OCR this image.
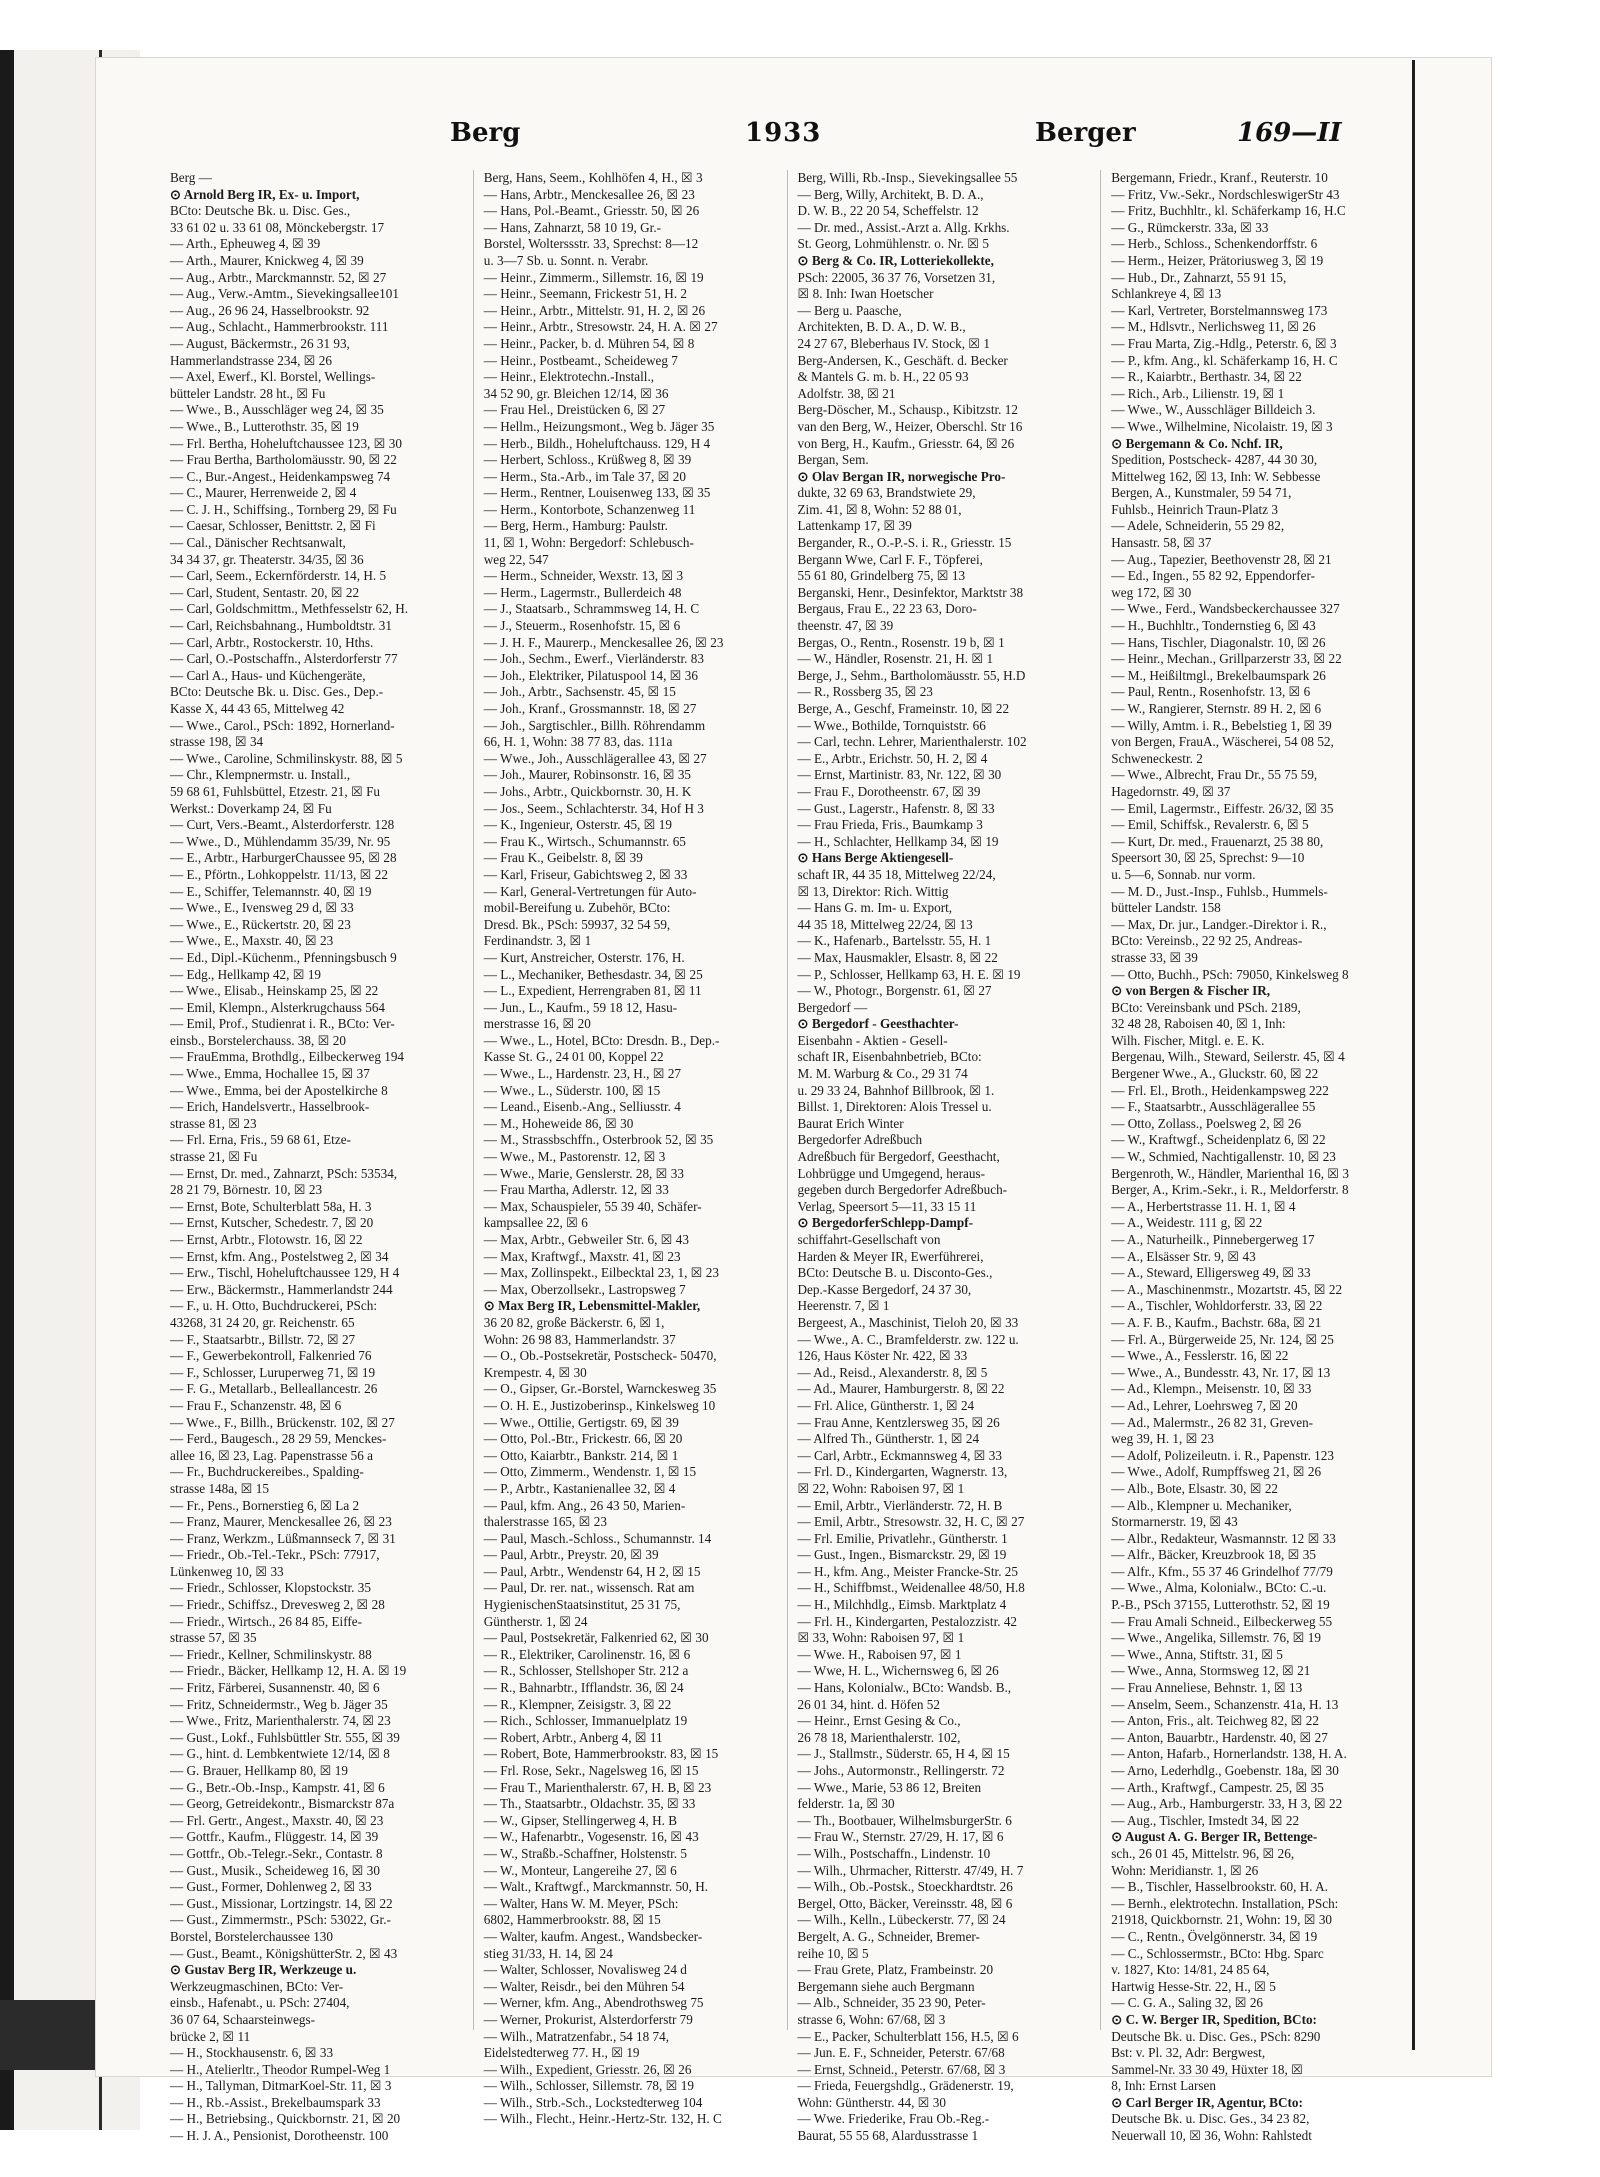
Berg	1933	Berger	169—II

Berg —

⊙ Arnold Berg IR, Ex- u. Import,

BCto: Deutsche Bk. u. Disc. Ges.,

33 61 02 u. 33 61 08, Mönckebergstr. 17

— Arth., Epheuweg 4, ☒ 39

— Arth., Maurer, Knickweg 4, ☒ 39

— Aug., Arbtr., Marckmannstr. 52, ☒ 27

— Aug., Verw.-Amtm., Sievekingsallee101

— Aug., 26 96 24, Hasselbrookstr. 92

— Aug., Schlacht., Hammerbrookstr. 111

— August, Bäckermstr., 26 31 93,

Hammerlandstrasse 234, ☒ 26

— Axel, Ewerf., Kl. Borstel, Wellings-

bütteler Landstr. 28 ht., ☒ Fu

— Wwe., B., Ausschläger weg 24, ☒ 35

— Wwe., B., Lutterothstr. 35, ☒ 19

— Frl. Bertha, Hoheluftchaussee 123, ☒ 30

— Frau Bertha, Bartholomäusstr. 90, ☒ 22

— C., Bur.-Angest., Heidenkampsweg 74

— C., Maurer, Herrenweide 2, ☒ 4

— C. J. H., Schiffsing., Tornberg 29, ☒ Fu

— Caesar, Schlosser, Benittstr. 2, ☒ Fi

— Cal., Dänischer Rechtsanwalt,

34 34 37, gr. Theaterstr. 34/35, ☒ 36

— Carl, Seem., Eckernförderstr. 14, H. 5

— Carl, Student, Sentastr. 20, ☒ 22

— Carl, Goldschmittm., Methfesselstr 62, H.

— Carl, Reichsbahnang., Humboldtstr. 31

— Carl, Arbtr., Rostockerstr. 10, Hths.

— Carl, O.-Postschaffn., Alsterdorferstr 77

— Carl A., Haus- und Küchengeräte,

BCto: Deutsche Bk. u. Disc. Ges., Dep.-

Kasse X, 44 43 65, Mittelweg 42

— Wwe., Carol., PSch: 1892, Hornerland-

strasse 198, ☒ 34

— Wwe., Caroline, Schmilinskystr. 88, ☒ 5

— Chr., Klempnermstr. u. Install.,

59 68 61, Fuhlsbüttel, Etzestr. 21, ☒ Fu

Werkst.: Doverkamp 24, ☒ Fu

— Curt, Vers.-Beamt., Alsterdorferstr. 128

— Wwe., D., Mühlendamm 35/39, Nr. 95

— E., Arbtr., HarburgerChaussee 95, ☒ 28

— E., Pförtn., Lohkoppelstr. 11/13, ☒ 22

— E., Schiffer, Telemannstr. 40, ☒ 19

— Wwe., E., Ivensweg 29 d, ☒ 33

— Wwe., E., Rückertstr. 20, ☒ 23

— Wwe., E., Maxstr. 40, ☒ 23

— Ed., Dipl.-Küchenm., Pfenningsbusch 9

— Edg., Hellkamp 42, ☒ 19

— Wwe., Elisab., Heinskamp 25, ☒ 22

— Emil, Klempn., Alsterkrugchauss 564

— Emil, Prof., Studienrat i. R., BCto: Ver-

einsb., Borstelerchauss. 38, ☒ 20

— FrauEmma, Brothdlg., Eilbeckerweg 194

— Wwe., Emma, Hochallee 15, ☒ 37

— Wwe., Emma, bei der Apostelkirche 8

— Erich, Handelsvertr., Hasselbrook-

strasse 81, ☒ 23

— Frl. Erna, Fris., 59 68 61, Etze-

strasse 21, ☒ Fu

— Ernst, Dr. med., Zahnarzt, PSch: 53534,

28 21 79, Börnestr. 10, ☒ 23

— Ernst, Bote, Schulterblatt 58a, H. 3

— Ernst, Kutscher, Schedestr. 7, ☒ 20

— Ernst, Arbtr., Flotowstr. 16, ☒ 22

— Ernst, kfm. Ang., Postelstweg 2, ☒ 34

— Erw., Tischl, Hoheluftchaussee 129, H 4

— Erw., Bäckermstr., Hammerlandstr 244

— F., u. H. Otto, Buchdruckerei, PSch:

43268, 31 24 20, gr. Reichenstr. 65

— F., Staatsarbtr., Billstr. 72, ☒ 27

— F., Gewerbekontroll, Falkenried 76

— F., Schlosser, Luruperweg 71, ☒ 19

— F. G., Metallarb., Belleallancestr. 26

— Frau F., Schanzenstr. 48, ☒ 6

— Wwe., F., Billh., Brückenstr. 102, ☒ 27

— Ferd., Baugesch., 28 29 59, Menckes-

allee 16, ☒ 23, Lag. Papenstrasse 56 a

— Fr., Buchdruckereibes., Spalding-

strasse 148a, ☒ 15

— Fr., Pens., Bornerstieg 6, ☒ La 2

— Franz, Maurer, Menckesallee 26, ☒ 23

— Franz, Werkzm., Lüßmannseck 7, ☒ 31

— Friedr., Ob.-Tel.-Tekr., PSch: 77917,

Lünkenweg 10, ☒ 33

— Friedr., Schlosser, Klopstockstr. 35

— Friedr., Schiffsz., Drevesweg 2, ☒ 28

— Friedr., Wirtsch., 26 84 85, Eiffe-

strasse 57, ☒ 35

— Friedr., Kellner, Schmilinskystr. 88

— Friedr., Bäcker, Hellkamp 12, H. A. ☒ 19

— Fritz, Färberei, Susannenstr. 40, ☒ 6

— Fritz, Schneidermstr., Weg b. Jäger 35

— Wwe., Fritz, Marienthalerstr. 74, ☒ 23

— Gust., Lokf., Fuhlsbüttler Str. 555, ☒ 39

— G., hint. d. Lembkentwiete 12/14, ☒ 8

— G. Brauer, Hellkamp 80, ☒ 19

— G., Betr.-Ob.-Insp., Kampstr. 41, ☒ 6

— Georg, Getreidekontr., Bismarckstr 87a

— Frl. Gertr., Angest., Maxstr. 40, ☒ 23

— Gottfr., Kaufm., Flüggestr. 14, ☒ 39

— Gottfr., Ob.-Telegr.-Sekr., Contastr. 8

— Gust., Musik., Scheideweg 16, ☒ 30

— Gust., Former, Dohlenweg 2, ☒ 33

— Gust., Missionar, Lortzingstr. 14, ☒ 22

— Gust., Zimmermstr., PSch: 53022, Gr.-

Borstel, Borstelerchaussee 130

— Gust., Beamt., KönigshütterStr. 2, ☒ 43

⊙ Gustav Berg IR, Werkzeuge u.

Werkzeugmaschinen, BCto: Ver-

einsb., Hafenabt., u. PSch: 27404,

36 07 64, Schaarsteinwegs-

brücke 2, ☒ 11

— H., Stockhausenstr. 6, ☒ 33

— H., Atelierltr., Theodor Rumpel-Weg 1

— H., Tallyman, DitmarKoel-Str. 11, ☒ 3

— H., Rb.-Assist., Brekelbaumspark 33

— H., Betriebsing., Quickbornstr. 21, ☒ 20

— H. J. A., Pensionist, Dorotheenstr. 100

Berg, Hans, Seem., Kohlhöfen 4, H., ☒ 3

— Hans, Arbtr., Menckesallee 26, ☒ 23

— Hans, Pol.-Beamt., Griesstr. 50, ☒ 26

— Hans, Zahnarzt, 58 10 19, Gr.-

Borstel, Wolterssstr. 33, Sprechst: 8—12

u. 3—7 Sb. u. Sonnt. n. Verabr.

— Heinr., Zimmerm., Sillemstr. 16, ☒ 19

— Heinr., Seemann, Frickestr 51, H. 2

— Heinr., Arbtr., Mittelstr. 91, H. 2, ☒ 26

— Heinr., Arbtr., Stresowstr. 24, H. A. ☒ 27

— Heinr., Packer, b. d. Mühren 54, ☒ 8

— Heinr., Postbeamt., Scheideweg 7

— Heinr., Elektrotechn.-Install.,

34 52 90, gr. Bleichen 12/14, ☒ 36

— Frau Hel., Dreistücken 6, ☒ 27

— Hellm., Heizungsmont., Weg b. Jäger 35

— Herb., Bildh., Hoheluftchauss. 129, H 4

— Herbert, Schloss., Krüßweg 8, ☒ 39

— Herm., Sta.-Arb., im Tale 37, ☒ 20

— Herm., Rentner, Louisenweg 133, ☒ 35

— Herm., Kontorbote, Schanzenweg 11

— Berg, Herm., Hamburg: Paulstr.

11, ☒ 1, Wohn: Bergedorf: Schlebusch-

weg 22, 547

— Herm., Schneider, Wexstr. 13, ☒ 3

— Herm., Lagermstr., Bullerdeich 48

— J., Staatsarb., Schrammsweg 14, H. C

— J., Steuerm., Rosenhofstr. 15, ☒ 6

— J. H. F., Maurerp., Menckesallee 26, ☒ 23

— Joh., Sechm., Ewerf., Vierländerstr. 83

— Joh., Elektriker, Pilatuspool 14, ☒ 36

— Joh., Arbtr., Sachsenstr. 45, ☒ 15

— Joh., Kranf., Grossmannstr. 18, ☒ 27

— Joh., Sargtischler., Billh. Röhrendamm

66, H. 1, Wohn: 38 77 83, das. 111a

— Wwe., Joh., Ausschlägerallee 43, ☒ 27

— Joh., Maurer, Robinsonstr. 16, ☒ 35

— Johs., Arbtr., Quickbornstr. 30, H. K

— Jos., Seem., Schlachterstr. 34, Hof H 3

— K., Ingenieur, Osterstr. 45, ☒ 19

— Frau K., Wirtsch., Schumannstr. 65

— Frau K., Geibelstr. 8, ☒ 39

— Karl, Friseur, Gabichtsweg 2, ☒ 33

— Karl, General-Vertretungen für Auto-

mobil-Bereifung u. Zubehör, BCto:

Dresd. Bk., PSch: 59937, 32 54 59,

Ferdinandstr. 3, ☒ 1

— Kurt, Anstreicher, Osterstr. 176, H.

— L., Mechaniker, Bethesdastr. 34, ☒ 25

— L., Expedient, Herrengraben 81, ☒ 11

— Jun., L., Kaufm., 59 18 12, Hasu-

merstrasse 16, ☒ 20

— Wwe., L., Hotel, BCto: Dresdn. B., Dep.-

Kasse St. G., 24 01 00, Koppel 22

— Wwe., L., Hardenstr. 23, H., ☒ 27

— Wwe., L., Süderstr. 100, ☒ 15

— Leand., Eisenb.-Ang., Selliusstr. 4

— M., Hoheweide 86, ☒ 30

— M., Strassbschffn., Osterbrook 52, ☒ 35

— Wwe., M., Pastorenstr. 12, ☒ 3

— Wwe., Marie, Genslerstr. 28, ☒ 33

— Frau Martha, Adlerstr. 12, ☒ 33

— Max, Schauspieler, 55 39 40, Schäfer-

kampsallee 22, ☒ 6

— Max, Arbtr., Gebweiler Str. 6, ☒ 43

— Max, Kraftwgf., Maxstr. 41, ☒ 23

— Max, Zollinspekt., Eilbecktal 23, 1, ☒ 23

— Max, Oberzollsekr., Lastropsweg 7

⊙ Max Berg IR, Lebensmittel-Makler,

36 20 82, große Bäckerstr. 6, ☒ 1,

Wohn: 26 98 83, Hammerlandstr. 37

— O., Ob.-Postsekretär, Postscheck- 50470,

Krempestr. 4, ☒ 30

— O., Gipser, Gr.-Borstel, Warnckesweg 35

— O. H. E., Justizoberinsp., Kinkelsweg 10

— Wwe., Ottilie, Gertigstr. 69, ☒ 39

— Otto, Pol.-Btr., Frickestr. 66, ☒ 20

— Otto, Kaiarbtr., Bankstr. 214, ☒ 1

— Otto, Zimmerm., Wendenstr. 1, ☒ 15

— P., Arbtr., Kastanienallee 32, ☒ 4

— Paul, kfm. Ang., 26 43 50, Marien-

thalerstrasse 165, ☒ 23

— Paul, Masch.-Schloss., Schumannstr. 14

— Paul, Arbtr., Preystr. 20, ☒ 39

— Paul, Arbtr., Wendenstr 64, H 2, ☒ 15

— Paul, Dr. rer. nat., wissensch. Rat am

HygienischenStaatsinstitut, 25 31 75,

Güntherstr. 1, ☒ 24

— Paul, Postsekretär, Falkenried 62, ☒ 30

— R., Elektriker, Carolinenstr. 16, ☒ 6

— R., Schlosser, Stellshoper Str. 212 a

— R., Bahnarbtr., Ifflandstr. 36, ☒ 24

— R., Klempner, Zeisigstr. 3, ☒ 22

— Rich., Schlosser, Immanuelplatz 19

— Robert, Arbtr., Anberg 4, ☒ 11

— Robert, Bote, Hammerbrookstr. 83, ☒ 15

— Frl. Rose, Sekr., Nagelsweg 16, ☒ 15

— Frau T., Marienthalerstr. 67, H. B, ☒ 23

— Th., Staatsarbtr., Oldachstr. 35, ☒ 33

— W., Gipser, Stellingerweg 4, H. B

— W., Hafenarbtr., Vogesenstr. 16, ☒ 43

— W., Straßb.-Schaffner, Holstenstr. 5

— W., Monteur, Langereihe 27, ☒ 6

— Walt., Kraftwgf., Marckmannstr. 50, H.

— Walter, Hans W. M. Meyer, PSch:

6802, Hammerbrookstr. 88, ☒ 15

— Walter, kaufm. Angest., Wandsbecker-

stieg 31/33, H. 14, ☒ 24

— Walter, Schlosser, Novalisweg 24 d

— Walter, Reisdr., bei den Mühren 54

— Werner, kfm. Ang., Abendrothsweg 75

— Werner, Prokurist, Alsterdorferstr 79

— Wilh., Matratzenfabr., 54 18 74,

Eidelstedterweg 77. H., ☒ 19

— Wilh., Expedient, Griesstr. 26, ☒ 26

— Wilh., Schlosser, Sillemstr. 78, ☒ 19

— Wilh., Strb.-Sch., Lockstedterweg 104

— Wilh., Flecht., Heinr.-Hertz-Str. 132, H. C

Berg, Willi, Rb.-Insp., Sievekingsallee 55

— Berg, Willy, Architekt, B. D. A.,

D. W. B., 22 20 54, Scheffelstr. 12

— Dr. med., Assist.-Arzt a. Allg. Krkhs.

St. Georg, Lohmühlenstr. o. Nr. ☒ 5

⊙ Berg & Co. IR, Lotteriekollekte,

PSch: 22005, 36 37 76, Vorsetzen 31,

☒ 8. Inh: Iwan Hoetscher

— Berg u. Paasche,

Architekten, B. D. A., D. W. B.,

24 27 67, Bleberhaus IV. Stock, ☒ 1

Berg-Andersen, K., Geschäft. d. Becker

& Mantels G. m. b. H., 22 05 93

Adolfstr. 38, ☒ 21

Berg-Döscher, M., Schausp., Kibitzstr. 12

van den Berg, W., Heizer, Oberschl. Str 16

von Berg, H., Kaufm., Griesstr. 64, ☒ 26

Bergan, Sem.

⊙ Olav Bergan IR, norwegische Pro-

dukte, 32 69 63, Brandstwiete 29,

Zim. 41, ☒ 8, Wohn: 52 88 01,

Lattenkamp 17, ☒ 39

Bergander, R., O.-P.-S. i. R., Griesstr. 15

Bergann Wwe, Carl F. F., Töpferei,

55 61 80, Grindelberg 75, ☒ 13

Berganski, Henr., Desinfektor, Marktstr 38

Bergaus, Frau E., 22 23 63, Doro-

theenstr. 47, ☒ 39

Bergas, O., Rentn., Rosenstr. 19 b, ☒ 1

— W., Händler, Rosenstr. 21, H. ☒ 1

Berge, J., Sehm., Bartholomäusstr. 55, H.D

— R., Rossberg 35, ☒ 23

Berge, A., Geschf, Frameinstr. 10, ☒ 22

— Wwe., Bothilde, Tornquiststr. 66

— Carl, techn. Lehrer, Marienthalerstr. 102

— E., Arbtr., Erichstr. 50, H. 2, ☒ 4

— Ernst, Martinistr. 83, Nr. 122, ☒ 30

— Frau F., Dorotheenstr. 67, ☒ 39

— Gust., Lagerstr., Hafenstr. 8, ☒ 33

— Frau Frieda, Fris., Baumkamp 3

— H., Schlachter, Hellkamp 34, ☒ 19

⊙ Hans Berge Aktiengesell-

schaft IR, 44 35 18, Mittelweg 22/24,

☒ 13, Direktor: Rich. Wittig

— Hans G. m. Im- u. Export,

44 35 18, Mittelweg 22/24, ☒ 13

— K., Hafenarb., Bartelsstr. 55, H. 1

— Max, Hausmakler, Elsastr. 8, ☒ 22

— P., Schlosser, Hellkamp 63, H. E. ☒ 19

— W., Photogr., Borgenstr. 61, ☒ 27

Bergedorf —

⊙ Bergedorf - Geesthachter-

Eisenbahn - Aktien - Gesell-

schaft IR, Eisenbahnbetrieb, BCto:

M. M. Warburg & Co., 29 31 74

u. 29 33 24, Bahnhof Billbrook, ☒ 1.

Billst. 1, Direktoren: Alois Tressel u.

Baurat Erich Winter

Bergedorfer Adreßbuch

Adreßbuch für Bergedorf, Geesthacht,

Lohbrügge und Umgegend, heraus-

gegeben durch Bergedorfer Adreßbuch-

Verlag, Speersort 5—11, 33 15 11

⊙ BergedorferSchlepp-Dampf-

schiffahrt-Gesellschaft von

Harden & Meyer IR, Ewerführerei,

BCto: Deutsche B. u. Disconto-Ges.,

Dep.-Kasse Bergedorf, 24 37 30,

Heerenstr. 7, ☒ 1

Bergeest, A., Maschinist, Tieloh 20, ☒ 33

— Wwe., A. C., Bramfelderstr. zw. 122 u.

126, Haus Köster Nr. 422, ☒ 33

— Ad., Reisd., Alexanderstr. 8, ☒ 5

— Ad., Maurer, Hamburgerstr. 8, ☒ 22

— Frl. Alice, Güntherstr. 1, ☒ 24

— Frau Anne, Kentzlersweg 35, ☒ 26

— Alfred Th., Güntherstr. 1, ☒ 24

— Carl, Arbtr., Eckmannsweg 4, ☒ 33

— Frl. D., Kindergarten, Wagnerstr. 13,

☒ 22, Wohn: Raboisen 97, ☒ 1

— Emil, Arbtr., Vierländerstr. 72, H. B

— Emil, Arbtr., Stresowstr. 32, H. C, ☒ 27

— Frl. Emilie, Privatlehr., Güntherstr. 1

— Gust., Ingen., Bismarckstr. 29, ☒ 19

— H., kfm. Ang., Meister Francke-Str. 25

— H., Schiffbmst., Weidenallee 48/50, H.8

— H., Milchhdlg., Eimsb. Marktplatz 4

— Frl. H., Kindergarten, Pestalozzistr. 42

☒ 33, Wohn: Raboisen 97, ☒ 1

— Wwe. H., Raboisen 97, ☒ 1

— Wwe, H. L., Wichernsweg 6, ☒ 26

— Hans, Kolonialw., BCto: Wandsb. B.,

26 01 34, hint. d. Höfen 52

— Heinr., Ernst Gesing & Co.,

26 78 18, Marienthalerstr. 102,

— J., Stallmstr., Süderstr. 65, H 4, ☒ 15

— Johs., Autormonstr., Rellingerstr. 72

— Wwe., Marie, 53 86 12, Breiten

felderstr. 1a, ☒ 30

— Th., Bootbauer, WilhelmsburgerStr. 6

— Frau W., Sternstr. 27/29, H. 17, ☒ 6

— Wilh., Postschaffn., Lindenstr. 10

— Wilh., Uhrmacher, Ritterstr. 47/49, H. 7

— Wilh., Ob.-Postsk., Stoeckhardtstr. 26

Bergel, Otto, Bäcker, Vereinsstr. 48, ☒ 6

— Wilh., Kelln., Lübeckerstr. 77, ☒ 24

Bergelt, A. G., Schneider, Bremer-

reihe 10, ☒ 5

— Frau Grete, Platz, Frambeinstr. 20

Bergemann siehe auch Bergmann

— Alb., Schneider, 35 23 90, Peter-

strasse 6, Wohn: 67/68, ☒ 3

— E., Packer, Schulterblatt 156, H.5, ☒ 6

— Jun. E. F., Schneider, Peterstr. 67/68

— Ernst, Schneid., Peterstr. 67/68, ☒ 3

— Frieda, Feuergshdlg., Grädenerstr. 19,

Wohn: Güntherstr. 44, ☒ 30

— Wwe. Friederike, Frau Ob.-Reg.-

Baurat, 55 55 68, Alardusstrasse 1

Bergemann, Friedr., Kranf., Reuterstr. 10

— Fritz, Vw.-Sekr., NordschleswigerStr 43

— Fritz, Buchhltr., kl. Schäferkamp 16, H.C

— G., Rümckerstr. 33a, ☒ 33

— Herb., Schloss., Schenkendorffstr. 6

— Herm., Heizer, Prätoriusweg 3, ☒ 19

— Hub., Dr., Zahnarzt, 55 91 15,

Schlankreye 4, ☒ 13

— Karl, Vertreter, Borstelmannsweg 173

— M., Hdlsvtr., Nerlichsweg 11, ☒ 26

— Frau Marta, Zig.-Hdlg., Peterstr. 6, ☒ 3

— P., kfm. Ang., kl. Schäferkamp 16, H. C

— R., Kaiarbtr., Berthastr. 34, ☒ 22

— Rich., Arb., Lilienstr. 19, ☒ 1

— Wwe., W., Ausschläger Billdeich 3.

— Wwe., Wilhelmine, Nicolaistr. 19, ☒ 3

⊙ Bergemann & Co. Nchf. IR,

Spedition, Postscheck- 4287, 44 30 30,

Mittelweg 162, ☒ 13, Inh: W. Sebbesse

Bergen, A., Kunstmaler, 59 54 71,

Fuhlsb., Heinrich Traun-Platz 3

— Adele, Schneiderin, 55 29 82,

Hansastr. 58, ☒ 37

— Aug., Tapezier, Beethovenstr 28, ☒ 21

— Ed., Ingen., 55 82 92, Eppendorfer-

weg 172, ☒ 30

— Wwe., Ferd., Wandsbeckerchaussee 327

— H., Buchhltr., Tondernstieg 6, ☒ 43

— Hans, Tischler, Diagonalstr. 10, ☒ 26

— Heinr., Mechan., Grillparzerstr 33, ☒ 22

— M., Heißiltmgl., Brekelbaumspark 26

— Paul, Rentn., Rosenhofstr. 13, ☒ 6

— W., Rangierer, Sternstr. 89 H. 2, ☒ 6

— Willy, Amtm. i. R., Bebelstieg 1, ☒ 39

von Bergen, FrauA., Wäscherei, 54 08 52,

Schweneckestr. 2

— Wwe., Albrecht, Frau Dr., 55 75 59,

Hagedornstr. 49, ☒ 37

— Emil, Lagermstr., Eiffestr. 26/32, ☒ 35

— Emil, Schiffsk., Revalerstr. 6, ☒ 5

— Kurt, Dr. med., Frauenarzt, 25 38 80,

Speersort 30, ☒ 25, Sprechst: 9—10

u. 5—6, Sonnab. nur vorm.

— M. D., Just.-Insp., Fuhlsb., Hummels-

bütteler Landstr. 158

— Max, Dr. jur., Landger.-Direktor i. R.,

BCto: Vereinsb., 22 92 25, Andreas-

strasse 33, ☒ 39

— Otto, Buchh., PSch: 79050, Kinkelsweg 8

⊙ von Bergen & Fischer IR,

BCto: Vereinsbank und PSch. 2189,

32 48 28, Raboisen 40, ☒ 1, Inh:

Wilh. Fischer, Mitgl. e. E. K.

Bergenau, Wilh., Steward, Seilerstr. 45, ☒ 4

Bergener Wwe., A., Gluckstr. 60, ☒ 22

— Frl. El., Broth., Heidenkampsweg 222

— F., Staatsarbtr., Ausschlägerallee 55

— Otto, Zollass., Poelsweg 2, ☒ 26

— W., Kraftwgf., Scheidenplatz 6, ☒ 22

— W., Schmied, Nachtigallenstr. 10, ☒ 23

Bergenroth, W., Händler, Marienthal 16, ☒ 3

Berger, A., Krim.-Sekr., i. R., Meldorferstr. 8

— A., Herbertstrasse 11. H. 1, ☒ 4

— A., Weidestr. 111 g, ☒ 22

— A., Naturheilk., Pinnebergerweg 17

— A., Elsässer Str. 9, ☒ 43

— A., Steward, Elligersweg 49, ☒ 33

— A., Maschinenmstr., Mozartstr. 45, ☒ 22

— A., Tischler, Wohldorferstr. 33, ☒ 22

— A. F. B., Kaufm., Bachstr. 68a, ☒ 21

— Frl. A., Bürgerweide 25, Nr. 124, ☒ 25

— Wwe., A., Fesslerstr. 16, ☒ 22

— Wwe., A., Bundesstr. 43, Nr. 17, ☒ 13

— Ad., Klempn., Meisenstr. 10, ☒ 33

— Ad., Lehrer, Loehrsweg 7, ☒ 20

— Ad., Malermstr., 26 82 31, Greven-

weg 39, H. 1, ☒ 23

— Adolf, Polizeileutn. i. R., Papenstr. 123

— Wwe., Adolf, Rumpffsweg 21, ☒ 26

— Alb., Bote, Elsastr. 30, ☒ 22

— Alb., Klempner u. Mechaniker,

Stormarnerstr. 19, ☒ 43

— Albr., Redakteur, Wasmannstr. 12 ☒ 33

— Alfr., Bäcker, Kreuzbrook 18, ☒ 35

— Alfr., Kfm., 55 37 46 Grindelhof 77/79

— Wwe., Alma, Kolonialw., BCto: C.-u.

P.-B., PSch 37155, Lutterothstr. 52, ☒ 19

— Frau Amali Schneid., Eilbeckerweg 55

— Wwe., Angelika, Sillemstr. 76, ☒ 19

— Wwe., Anna, Stiftstr. 31, ☒ 5

— Wwe., Anna, Stormsweg 12, ☒ 21

— Frau Anneliese, Behnstr. 1, ☒ 13

— Anselm, Seem., Schanzenstr. 41a, H. 13

— Anton, Fris., alt. Teichweg 82, ☒ 22

— Anton, Bauarbtr., Hardenstr. 40, ☒ 27

— Anton, Hafarb., Hornerlandstr. 138, H. A.

— Arno, Lederhdlg., Goebenstr. 18a, ☒ 30

— Arth., Kraftwgf., Campestr. 25, ☒ 35

— Aug., Arb., Hamburgerstr. 33, H 3, ☒ 22

— Aug., Tischler, Imstedt 34, ☒ 22

⊙ August A. G. Berger IR, Bettenge-

sch., 26 01 45, Mittelstr. 96, ☒ 26,

Wohn: Meridianstr. 1, ☒ 26

— B., Tischler, Hasselbrookstr. 60, H. A.

— Bernh., elektrotechn. Installation, PSch:

21918, Quickbornstr. 21, Wohn: 19, ☒ 30

— C., Rentn., Övelgönnerstr. 34, ☒ 19

— C., Schlossermstr., BCto: Hbg. Sparc

v. 1827, Kto: 14/81, 24 85 64,

Hartwig Hesse-Str. 22, H., ☒ 5

— C. G. A., Saling 32, ☒ 26

⊙ C. W. Berger IR, Spedition, BCto:

Deutsche Bk. u. Disc. Ges., PSch: 8290

Bst: v. Pl. 32, Adr: Bergwest,

Sammel-Nr. 33 30 49, Hüxter 18, ☒

8, Inh: Ernst Larsen

⊙ Carl Berger IR, Agentur, BCto:

Deutsche Bk. u. Disc. Ges., 34 23 82,

Neuerwall 10, ☒ 36, Wohn: Rahlstedt
